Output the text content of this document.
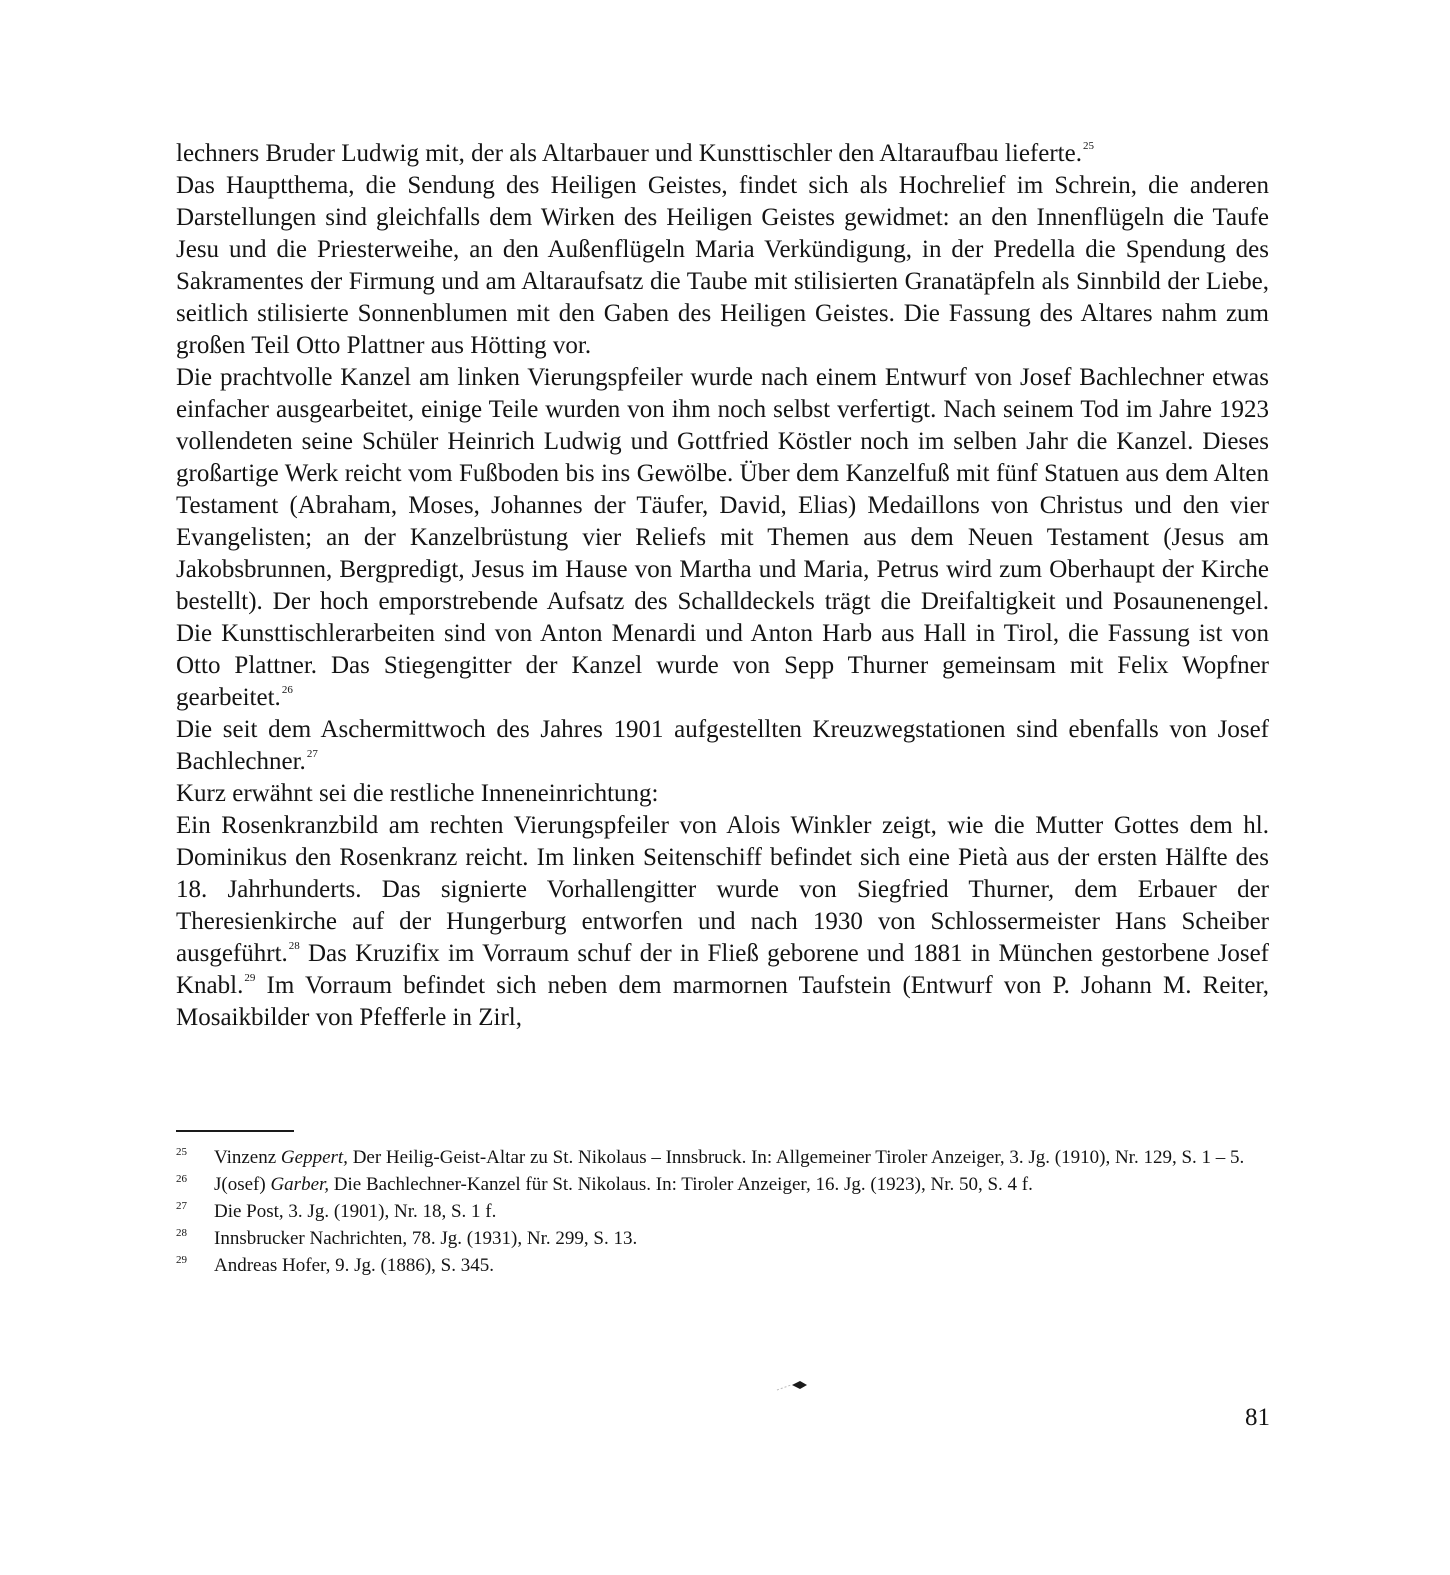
lechners Bruder Ludwig mit, der als Altarbauer und Kunsttischler den Altaraufbau lieferte.$^{25}$

Das Hauptthema, die Sendung des Heiligen Geistes, findet sich als Hochrelief im Schrein, die anderen Darstellungen sind gleichfalls dem Wirken des Heiligen Geistes gewidmet: an den Innenflügeln die Taufe Jesu und die Priesterweihe, an den Außenflügeln Maria Verkündigung, in der Predella die Spendung des Sakramentes der Firmung und am Altaraufsatz die Taube mit stilisierten Granatäpfeln als Sinnbild der Liebe, seitlich stilisierte Sonnenblumen mit den Gaben des Heiligen Geistes. Die Fassung des Altares nahm zum großen Teil Otto Plattner aus Hötting vor.

Die prachtvolle Kanzel am linken Vierungspfeiler wurde nach einem Entwurf von Josef Bachlechner etwas einfacher ausgearbeitet, einige Teile wurden von ihm noch selbst verfertigt. Nach seinem Tod im Jahre 1923 vollendeten seine Schüler Heinrich Ludwig und Gottfried Köstler noch im selben Jahr die Kanzel. Dieses großartige Werk reicht vom Fußboden bis ins Gewölbe. Über dem Kanzelfuß mit fünf Statuen aus dem Alten Testament (Abraham, Moses, Johannes der Täufer, David, Elias) Medaillons von Christus und den vier Evangelisten; an der Kanzelbrüstung vier Reliefs mit Themen aus dem Neuen Testament (Jesus am Jakobsbrunnen, Bergpredigt, Jesus im Hause von Martha und Maria, Petrus wird zum Oberhaupt der Kirche bestellt). Der hoch emporstrebende Aufsatz des Schalldeckels trägt die Dreifaltigkeit und Posaunenengel. Die Kunsttischlerarbeiten sind von Anton Menardi und Anton Harb aus Hall in Tirol, die Fassung ist von Otto Plattner. Das Stiegengitter der Kanzel wurde von Sepp Thurner gemeinsam mit Felix Wopfner gearbeitet.$^{26}$

Die seit dem Aschermittwoch des Jahres 1901 aufgestellten Kreuzwegstationen sind ebenfalls von Josef Bachlechner.$^{27}$

Kurz erwähnt sei die restliche Inneneinrichtung:

Ein Rosenkranzbild am rechten Vierungspfeiler von Alois Winkler zeigt, wie die Mutter Gottes dem hl. Dominikus den Rosenkranz reicht. Im linken Seitenschiff befindet sich eine Pietà aus der ersten Hälfte des 18. Jahrhunderts. Das signierte Vorhallengitter wurde von Siegfried Thurner, dem Erbauer der Theresienkirche auf der Hungerburg entworfen und nach 1930 von Schlossermeister Hans Scheiber ausgeführt.$^{28}$ Das Kruzifix im Vorraum schuf der in Fließ geborene und 1881 in München gestorbene Josef Knabl.$^{29}$ Im Vorraum befindet sich neben dem marmornen Taufstein (Entwurf von P. Johann M. Reiter, Mosaikbilder von Pfefferle in Zirl,

25 Vinzenz Geppert, Der Heilig-Geist-Altar zu St. Nikolaus – Innsbruck. In: Allgemeiner Tiroler Anzeiger, 3. Jg. (1910), Nr. 129, S. 1 – 5.

26 J(osef) Garber, Die Bachlechner-Kanzel für St. Nikolaus. In: Tiroler Anzeiger, 16. Jg. (1923), Nr. 50, S. 4 f.

27 Die Post, 3. Jg. (1901), Nr. 18, S. 1 f.

28 Innsbrucker Nachrichten, 78. Jg. (1931), Nr. 299, S. 13.

29 Andreas Hofer, 9. Jg. (1886), S. 345.

81
